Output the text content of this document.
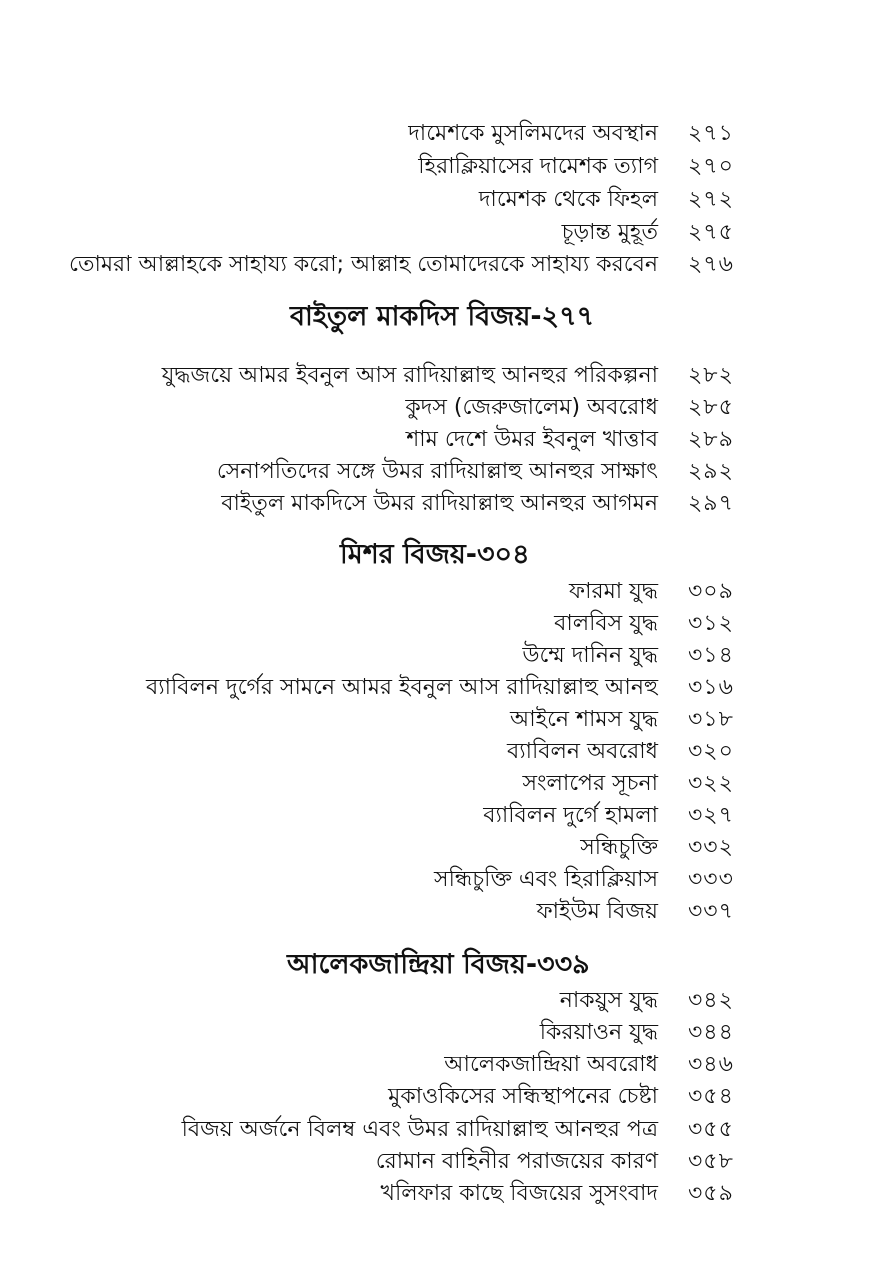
দামেশকে মুসলিমদের অবস্থান ২৭১
হিরাক্লিয়াসের দামেশক ত্যাগ ২৭০
দামেশক থেকে ফিহল ২৭২
চূড়ান্ত মুহূর্ত ২৭৫
তোমরা আল্লাহকে সাহায্য করো; আল্লাহ তোমাদেরকে সাহায্য করবেন ২৭৬
বাইতুল মাকদিস বিজয়-২৭৭
যুদ্ধজয়ে আমর ইবনুল আস রাদিয়াল্লাহু আনহুর পরিকল্পনা ২৮২
কুদস (জেরুজালেম) অবরোধ ২৮৫
শাম দেশে উমর ইবনুল খাত্তাব ২৮৯
সেনাপতিদের সঙ্গে উমর রাদিয়াল্লাহু আনহুর সাক্ষাৎ ২৯২
বাইতুল মাকদিসে উমর রাদিয়াল্লাহু আনহুর আগমন ২৯৭
মিশর বিজয়-৩০৪
ফারমা যুদ্ধ ৩০৯
বালবিস যুদ্ধ ৩১২
উম্মে দানিন যুদ্ধ ৩১৪
ব্যাবিলন দুর্গের সামনে আমর ইবনুল আস রাদিয়াল্লাহু আনহু ৩১৬
আইনে শামস যুদ্ধ ৩১৮
ব্যাবিলন অবরোধ ৩২০
সংলাপের সূচনা ৩২২
ব্যাবিলন দুর্গে হামলা ৩২৭
সন্ধিচুক্তি ৩৩২
সন্ধিচুক্তি এবং হিরাক্লিয়াস ৩৩৩
ফাইউম বিজয় ৩৩৭
আলেকজান্দ্রিয়া বিজয়-৩৩৯
নাকয়ুস যুদ্ধ ৩৪২
কিরয়াওন যুদ্ধ ৩৪৪
আলেকজান্দ্রিয়া অবরোধ ৩৪৬
মুকাওকিসের সন্ধিস্থাপনের চেষ্টা ৩৫৪
বিজয় অর্জনে বিলম্ব এবং উমর রাদিয়াল্লাহু আনহুর পত্র ৩৫৫
রোমান বাহিনীর পরাজয়ের কারণ ৩৫৮
খলিফার কাছে বিজয়ের সুসংবাদ ৩৫৯
